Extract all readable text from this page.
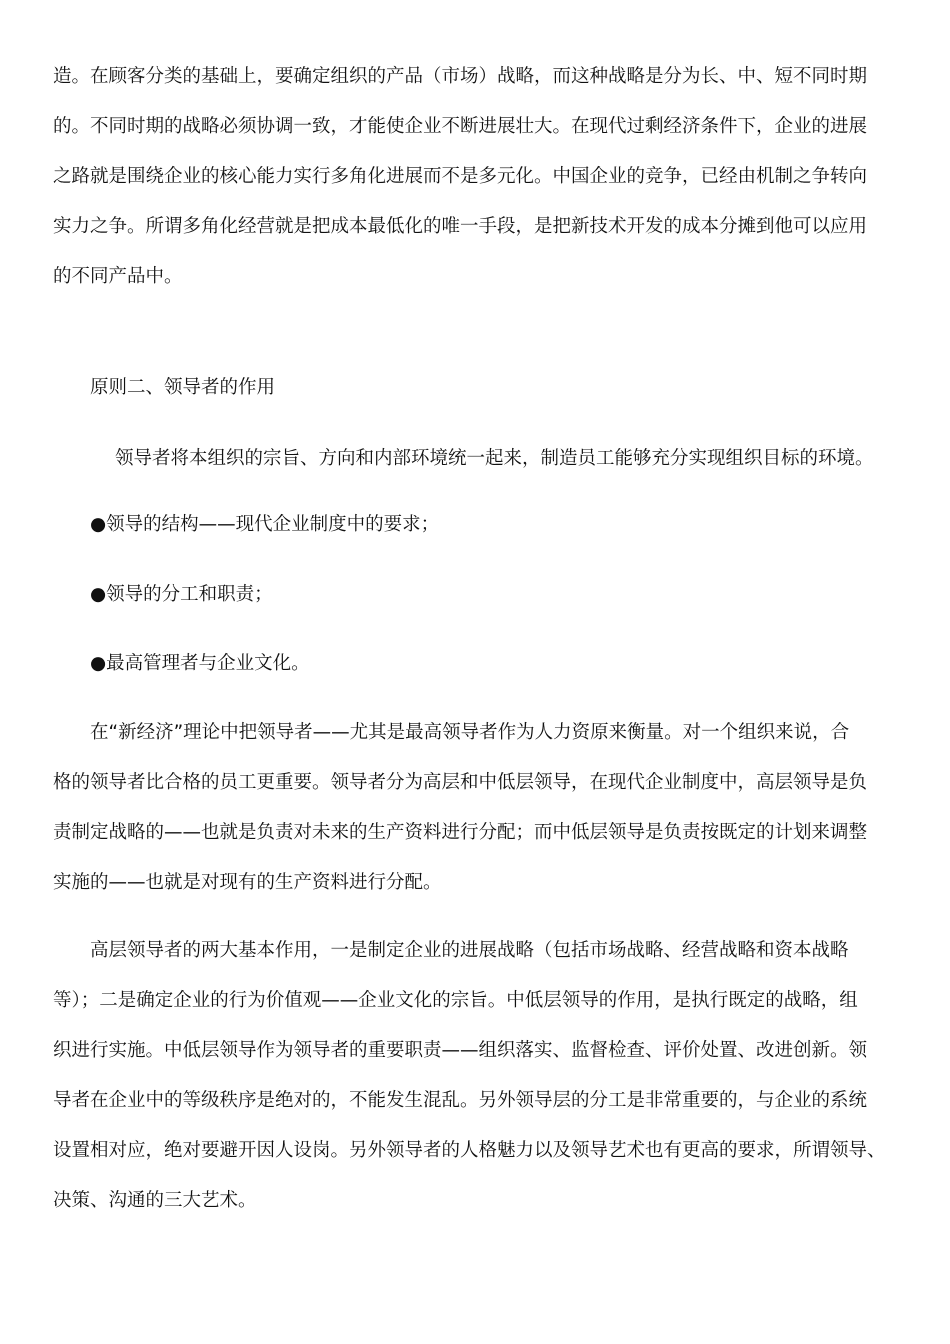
造。在顾客分类的基础上，要确定组织的产品（市场）战略，而这种战略是分为长、中、短不同时期
的。不同时期的战略必须协调一致，才能使企业不断进展壮大。在现代过剩经济条件下，企业的进展
之路就是围绕企业的核心能力实行多角化进展而不是多元化。中国企业的竞争，已经由机制之争转向
实力之争。所谓多角化经营就是把成本最低化的唯一手段，是把新技术开发的成本分摊到他可以应用
的不同产品中。
原则二、领导者的作用
领导者将本组织的宗旨、方向和内部环境统一起来，制造员工能够充分实现组织目标的环境。
●领导的结构——现代企业制度中的要求；
●领导的分工和职责；
●最高管理者与企业文化。
在“新经济”理论中把领导者——尤其是最高领导者作为人力资原来衡量。对一个组织来说，合
格的领导者比合格的员工更重要。领导者分为高层和中低层领导，在现代企业制度中，高层领导是负
责制定战略的——也就是负责对未来的生产资料进行分配；而中低层领导是负责按既定的计划来调整
实施的——也就是对现有的生产资料进行分配。
高层领导者的两大基本作用，一是制定企业的进展战略（包括市场战略、经营战略和资本战略
等）；二是确定企业的行为价值观——企业文化的宗旨。中低层领导的作用，是执行既定的战略，组
织进行实施。中低层领导作为领导者的重要职责——组织落实、监督检查、评价处置、改进创新。领
导者在企业中的等级秩序是绝对的，不能发生混乱。另外领导层的分工是非常重要的，与企业的系统
设置相对应，绝对要避开因人设岗。另外领导者的人格魅力以及领导艺术也有更高的要求，所谓领导、
决策、沟通的三大艺术。
